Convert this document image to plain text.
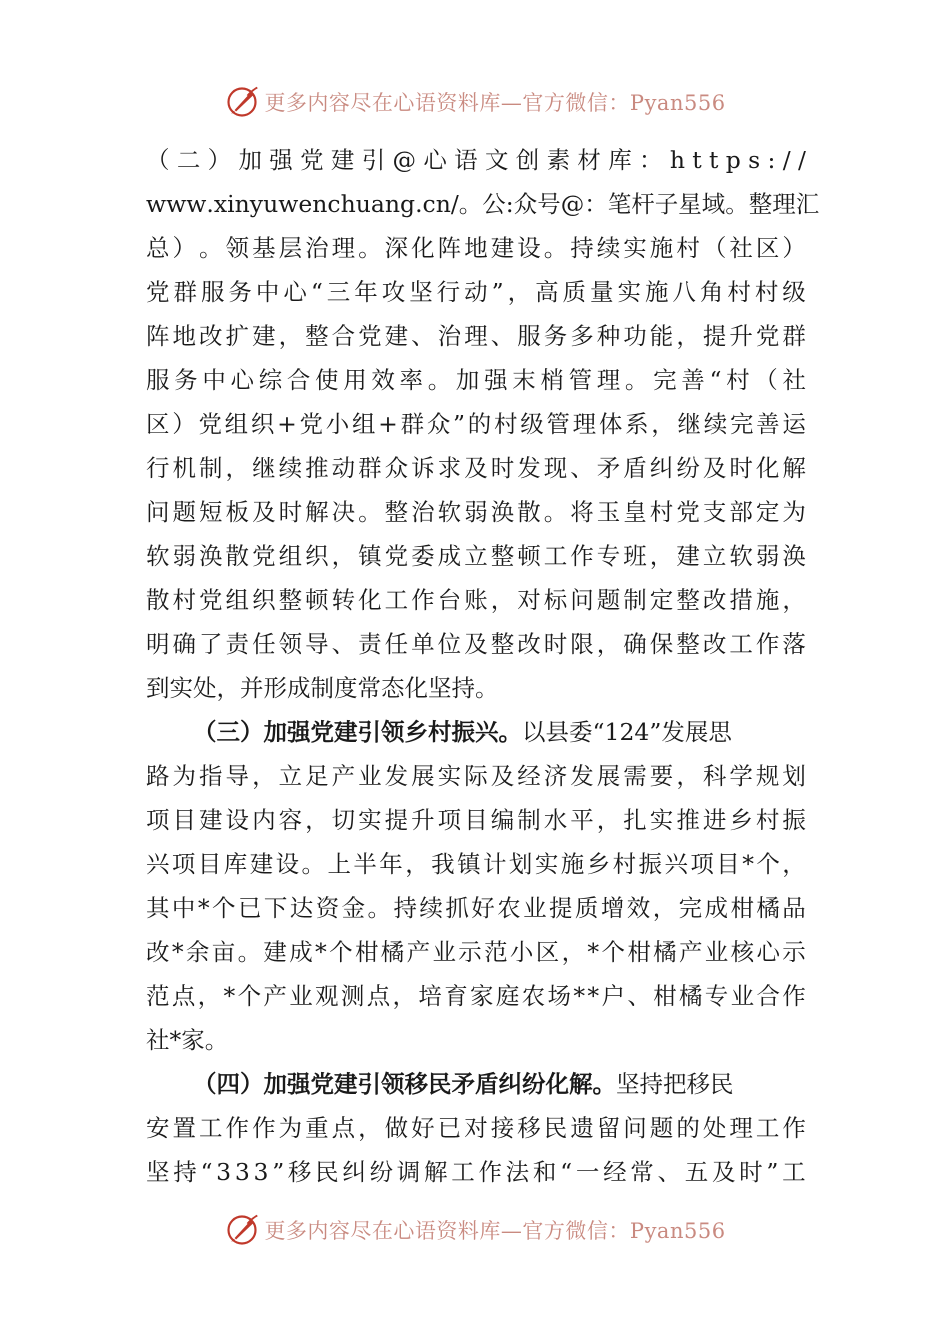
更多内容尽在心语资料库—官方微信：Pyan556
（ 二 ） 加 强 党 建 引 @ 心 语 文 创 素 材 库 ： h t t p s : / /
w w w . x i n y u w e n c h u a n g . c n / 。 公 : 众 号 @ ： 笔 杆 子 星 域 。 整 理 汇
总 ） 。 领 基 层 治 理 。 深 化 阵 地 建 设 。 持 续 实 施 村 （ 社 区 ）
党 群 服 务 中 心 “ 三 年 攻 坚 行 动 ” ， 高 质 量 实 施 八 角 村 村 级
阵 地 改 扩 建 ， 整 合 党 建 、 治 理 、 服 务 多 种 功 能 ， 提 升 党 群
服 务 中 心 综 合 使 用 效 率 。 加 强 末 梢 管 理 。 完 善 “ 村 （ 社
区 ） 党 组 织 + 党 小 组 + 群 众 ” 的 村 级 管 理 体 系 ， 继 续 完 善 运
行 机 制 ， 继 续 推 动 群 众 诉 求 及 时 发 现 、 矛 盾 纠 纷 及 时 化 解
问 题 短 板 及 时 解 决 。 整 治 软 弱 涣 散 。 将 玉 皇 村 党 支 部 定 为
软 弱 涣 散 党 组 织 ， 镇 党 委 成 立 整 顿 工 作 专 班 ， 建 立 软 弱 涣
散 村 党 组 织 整 顿 转 化 工 作 台 账 ， 对 标 问 题 制 定 整 改 措 施 ，
明 确 了 责 任 领 导 、 责 任 单 位 及 整 改 时 限 ， 确 保 整 改 工 作 落
到实处，并形成制度常态化坚持。
（三）加强党建引领乡村振兴。 以县委“124”发展思
路 为 指 导 ， 立 足 产 业 发 展 实 际 及 经 济 发 展 需 要 ， 科 学 规 划
项 目 建 设 内 容 ， 切 实 提 升 项 目 编 制 水 平 ， 扎 实 推 进 乡 村 振
兴 项 目 库 建 设 。 上 半 年 ， 我 镇 计 划 实 施 乡 村 振 兴 项 目 * 个 ，
其 中 * 个 已 下 达 资 金 。 持 续 抓 好 农 业 提 质 增 效 ， 完 成 柑 橘 品
改 * 余 亩 。 建 成 * 个 柑 橘 产 业 示 范 小 区 ， * 个 柑 橘 产 业 核 心 示
范 点 ， * 个 产 业 观 测 点 ， 培 育 家 庭 农 场 * * 户 、 柑 橘 专 业 合 作
社*家。
（四）加强党建引领移民矛盾纠纷化解。 坚持把移民
安 置 工 作 作 为 重 点 ， 做 好 已 对 接 移 民 遗 留 问 题 的 处 理 工 作
坚 持 “ 3 3 3 ” 移 民 纠 纷 调 解 工 作 法 和 “ 一 经 常 、 五 及 时 ” 工
更多内容尽在心语资料库—官方微信：Pyan556
